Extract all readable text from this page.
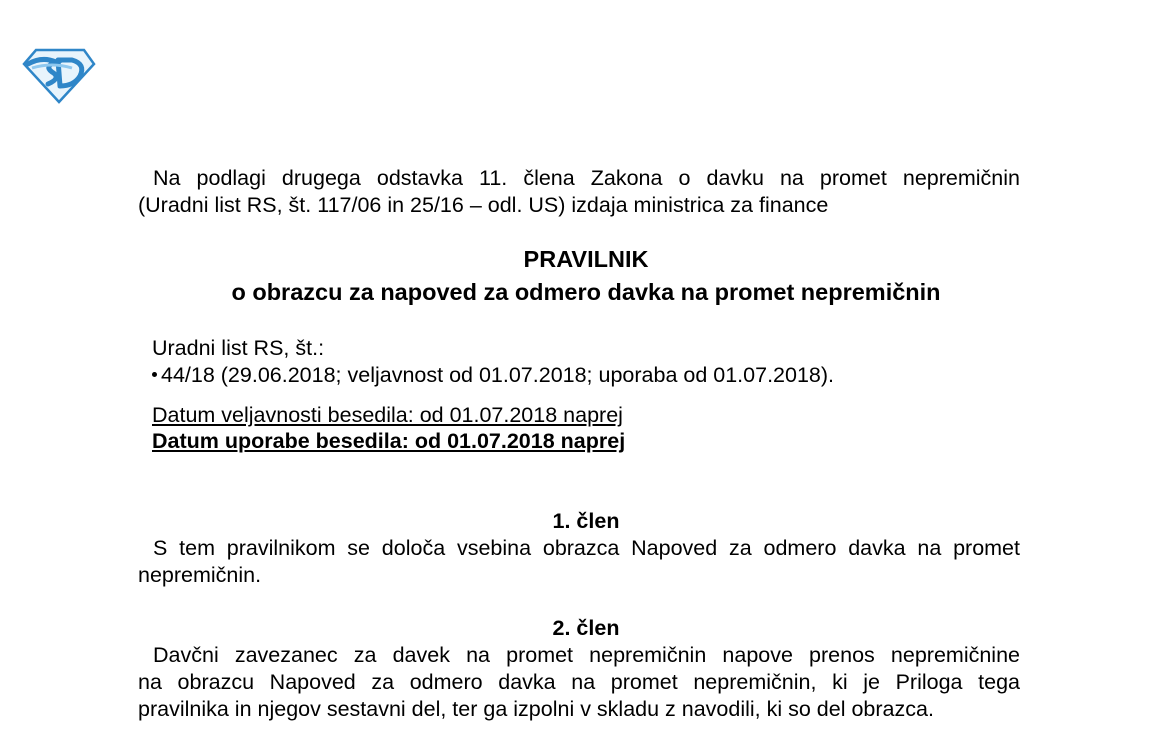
Na podlagi drugega odstavka 11. člena Zakona o davku na promet nepremičnin
(Uradni list RS, št. 117/06 in 25/16 – odl. US) izdaja ministrica za finance
PRAVILNIK
o obrazcu za napoved za odmero davka na promet nepremičnin
Uradni list RS, št.:
44/18 (29.06.2018; veljavnost od 01.07.2018; uporaba od 01.07.2018).
Datum veljavnosti besedila: od 01.07.2018 naprej
Datum uporabe besedila: od 01.07.2018 naprej
1. člen
S tem pravilnikom se določa vsebina obrazca Napoved za odmero davka na promet
nepremičnin.
2. člen
Davčni zavezanec za davek na promet nepremičnin napove prenos nepremičnine
na obrazcu Napoved za odmero davka na promet nepremičnin, ki je Priloga tega
pravilnika in njegov sestavni del, ter ga izpolni v skladu z navodili, ki so del obrazca.
